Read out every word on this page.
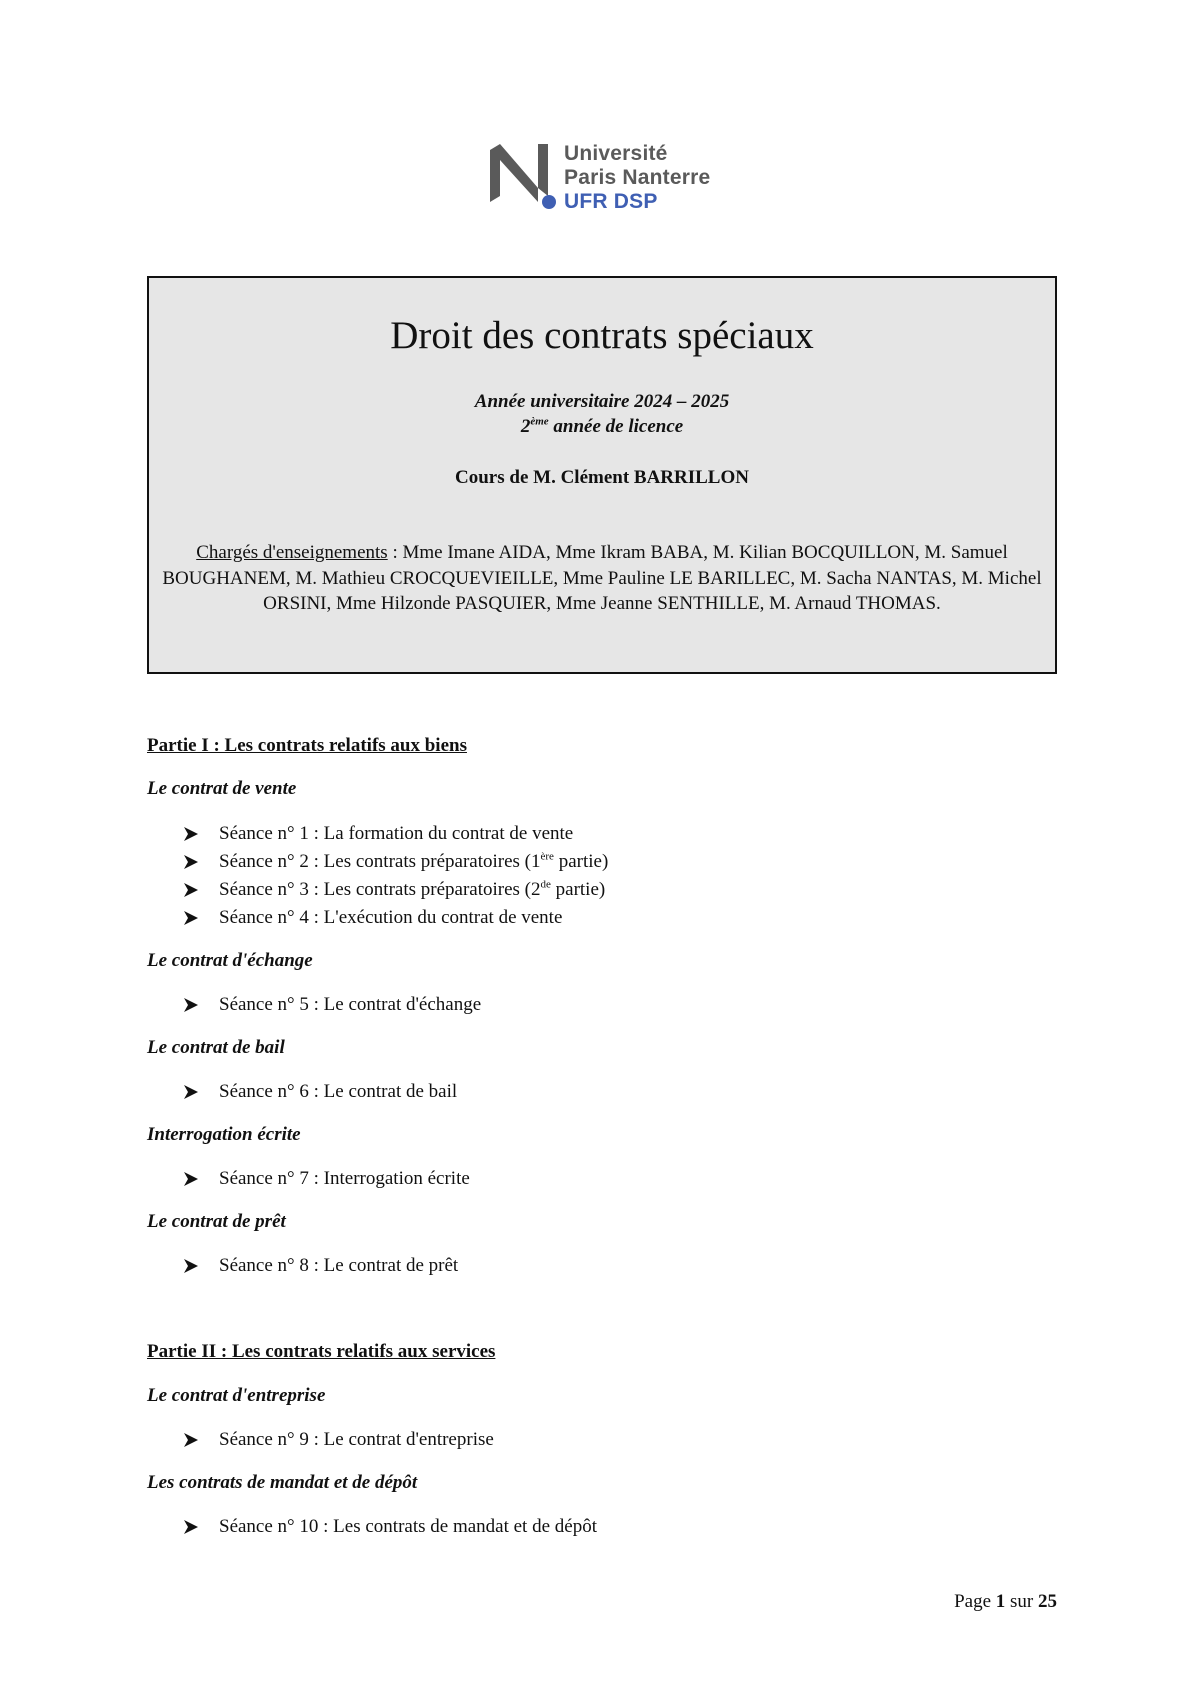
Université
Paris Nanterre
UFR DSP
Droit des contrats spéciaux
Année universitaire 2024 – 2025
2ème année de licence
Cours de M. Clément BARRILLON
Chargés d'enseignements : Mme Imane AIDA, Mme Ikram BABA, M. Kilian BOCQUILLON, M. Samuel BOUGHANEM, M. Mathieu CROCQUEVIEILLE, Mme Pauline LE BARILLEC, M. Sacha NANTAS, M. Michel ORSINI, Mme Hilzonde PASQUIER, Mme Jeanne SENTHILLE, M. Arnaud THOMAS.
Partie I : Les contrats relatifs aux biens
Le contrat de vente
Séance n° 1 : La formation du contrat de vente
Séance n° 2 : Les contrats préparatoires (1ère partie)
Séance n° 3 : Les contrats préparatoires (2de partie)
Séance n° 4 : L'exécution du contrat de vente
Le contrat d'échange
Séance n° 5 : Le contrat d'échange
Le contrat de bail
Séance n° 6 : Le contrat de bail
Interrogation écrite
Séance n° 7 : Interrogation écrite
Le contrat de prêt
Séance n° 8 : Le contrat de prêt
Partie II : Les contrats relatifs aux services
Le contrat d'entreprise
Séance n° 9 : Le contrat d'entreprise
Les contrats de mandat et de dépôt
Séance n° 10 : Les contrats de mandat et de dépôt
Page 1 sur 25
